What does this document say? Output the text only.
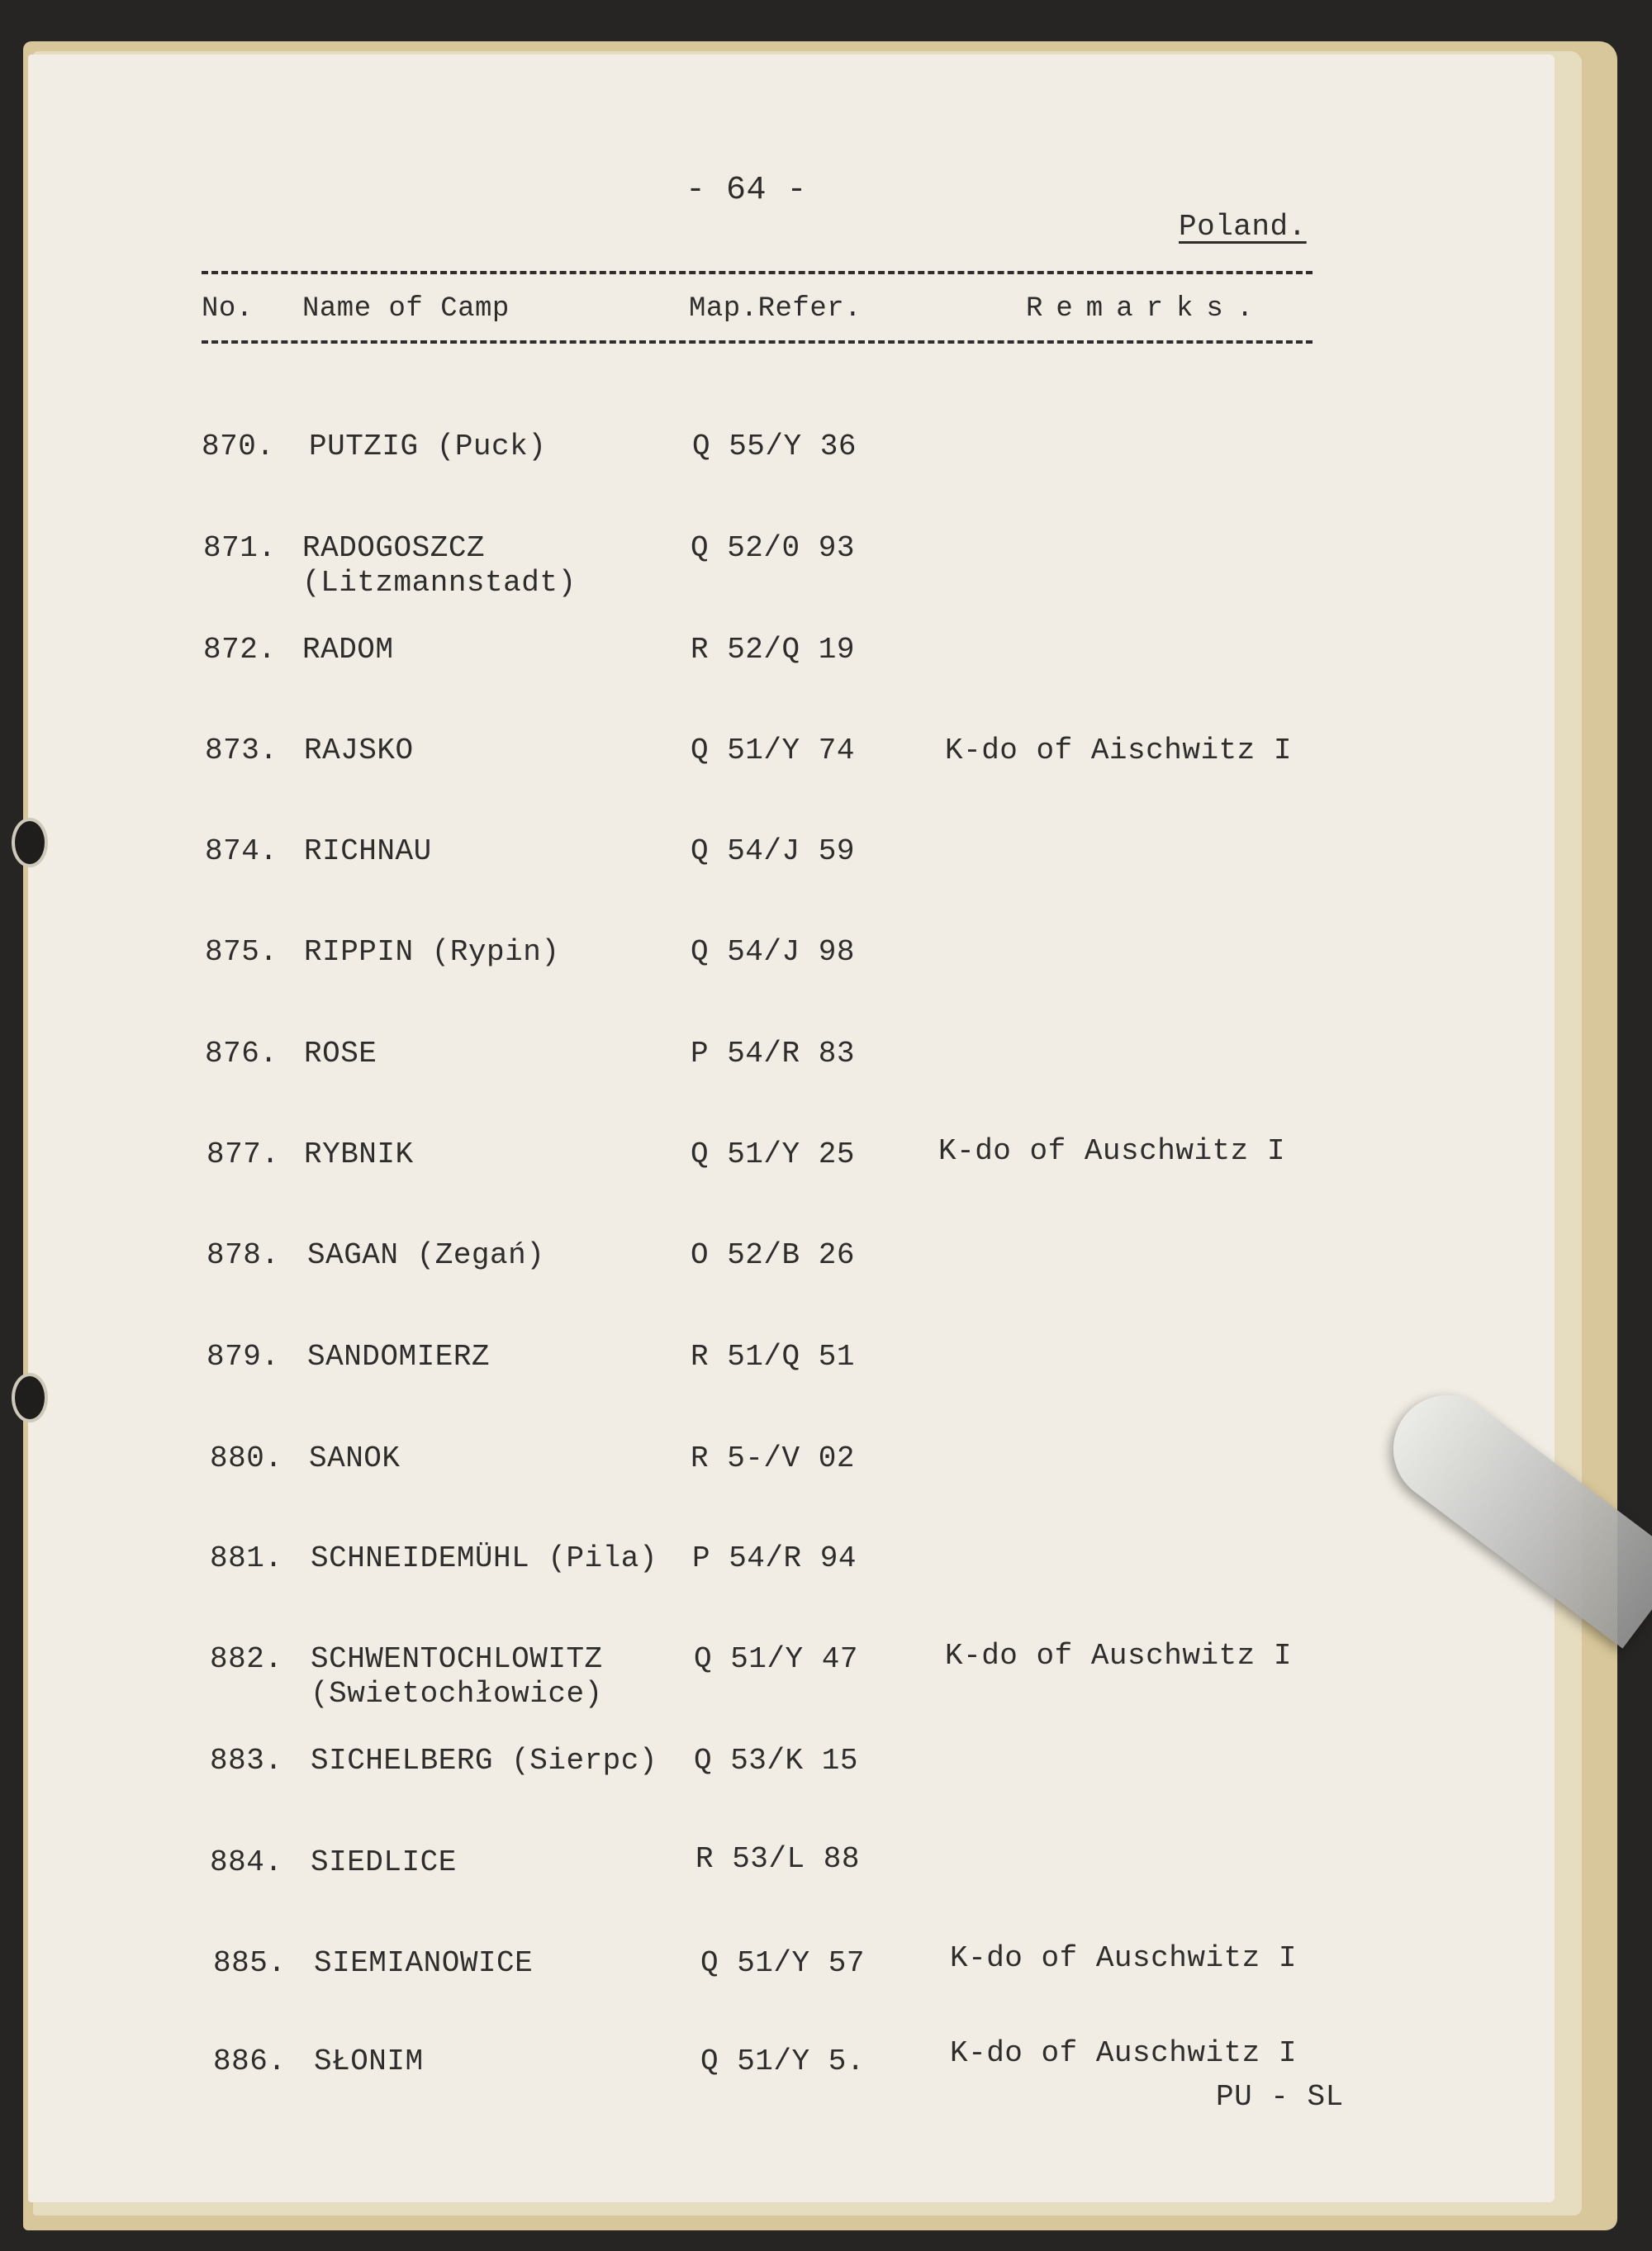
- 64 -
Poland.
No. Name of Camp	Map.Refer.	Remarks.
870. PUTZIG (Puck)	Q 55/Y 36
871. RADOGOSZCZ
(Litzmannstadt)
Q 52/0 93
872. RADOM	R 52/Q 19
873. RAJSKO	Q 51/Y 74	K-do of Aischwitz I
874. RICHNAU	Q 54/J 59
875. RIPPIN (Rypin)	Q 54/J 98
876. ROSE	P 54/R 83
877. RYBNIK	Q 51/Y 25	K-do of Auschwitz I
878. SAGAN (Zegań)	O 52/B 26
879. SANDOMIERZ	R 51/Q 51
880. SANOK	R 5-/V 02
881. SCHNEIDEMÜHL (Pila) P 54/R 94
882. SCHWENTOCHLOWITZ
(Swietochłowice)
Q 51/Y 47	K-do of Auschwitz I
883. SICHELBERG (Sierpc) Q 53/K 15
884. SIEDLICE	R 53/L 88
885. SIEMIANOWICE	Q 51/Y 57	K-do of Auschwitz I
886. SŁONIM	Q 51/Y 5.	K-do of Auschwitz I
PU - SL
